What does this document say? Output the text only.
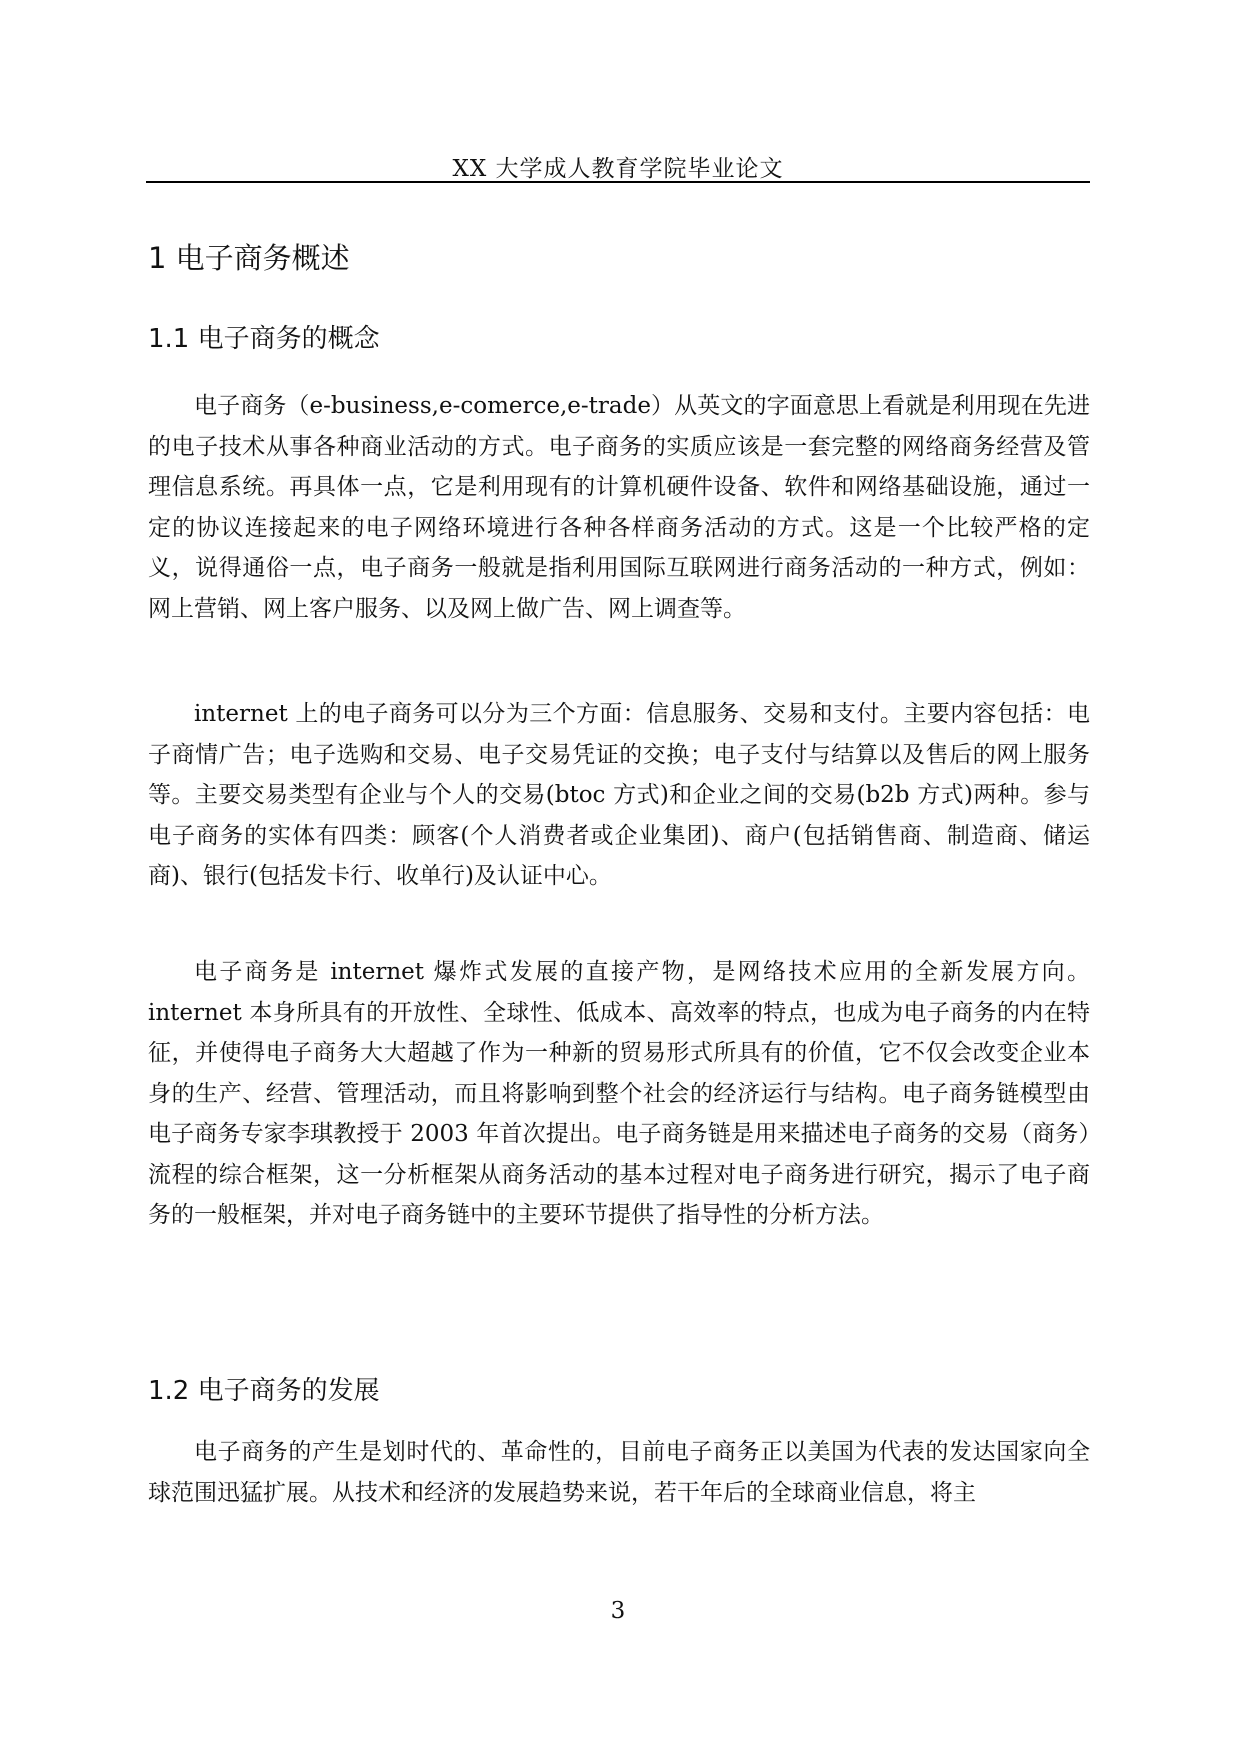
XX 大学成人教育学院毕业论文
1 电子商务概述
1.1 电子商务的概念

电子商务（e-business,e-comerce,e-trade）从英文的字面意思上看就是利用现在先进的电子技术从事各种商业活动的方式。电子商务的实质应该是一套完整的网络商务经营及管理信息系统。再具体一点，它是利用现有的计算机硬件设备、软件和网络基础设施，通过一定的协议连接起来的电子网络环境进行各种各样商务活动的方式。这是一个比较严格的定义，说得通俗一点，电子商务一般就是指利用国际互联网进行商务活动的一种方式，例如：网上营销、网上客户服务、以及网上做广告、网上调查等。

internet 上的电子商务可以分为三个方面：信息服务、交易和支付。主要内容包括：电子商情广告；电子选购和交易、电子交易凭证的交换；电子支付与结算以及售后的网上服务等。主要交易类型有企业与个人的交易(btoc 方式)和企业之间的交易(b2b 方式)两种。参与电子商务的实体有四类：顾客(个人消费者或企业集团)、商户(包括销售商、制造商、储运商)、银行(包括发卡行、收单行)及认证中心。

电子商务是 internet 爆炸式发展的直接产物，是网络技术应用的全新发展方向。internet 本身所具有的开放性、全球性、低成本、高效率的特点，也成为电子商务的内在特征，并使得电子商务大大超越了作为一种新的贸易形式所具有的价值，它不仅会改变企业本身的生产、经营、管理活动，而且将影响到整个社会的经济运行与结构。电子商务链模型由电子商务专家李琪教授于 2003 年首次提出。电子商务链是用来描述电子商务的交易（商务）流程的综合框架，这一分析框架从商务活动的基本过程对电子商务进行研究，揭示了电子商务的一般框架，并对电子商务链中的主要环节提供了指导性的分析方法。

1.2 电子商务的发展

电子商务的产生是划时代的、革命性的，目前电子商务正以美国为代表的发达国家向全球范围迅猛扩展。从技术和经济的发展趋势来说，若干年后的全球商业信息，将主

3
